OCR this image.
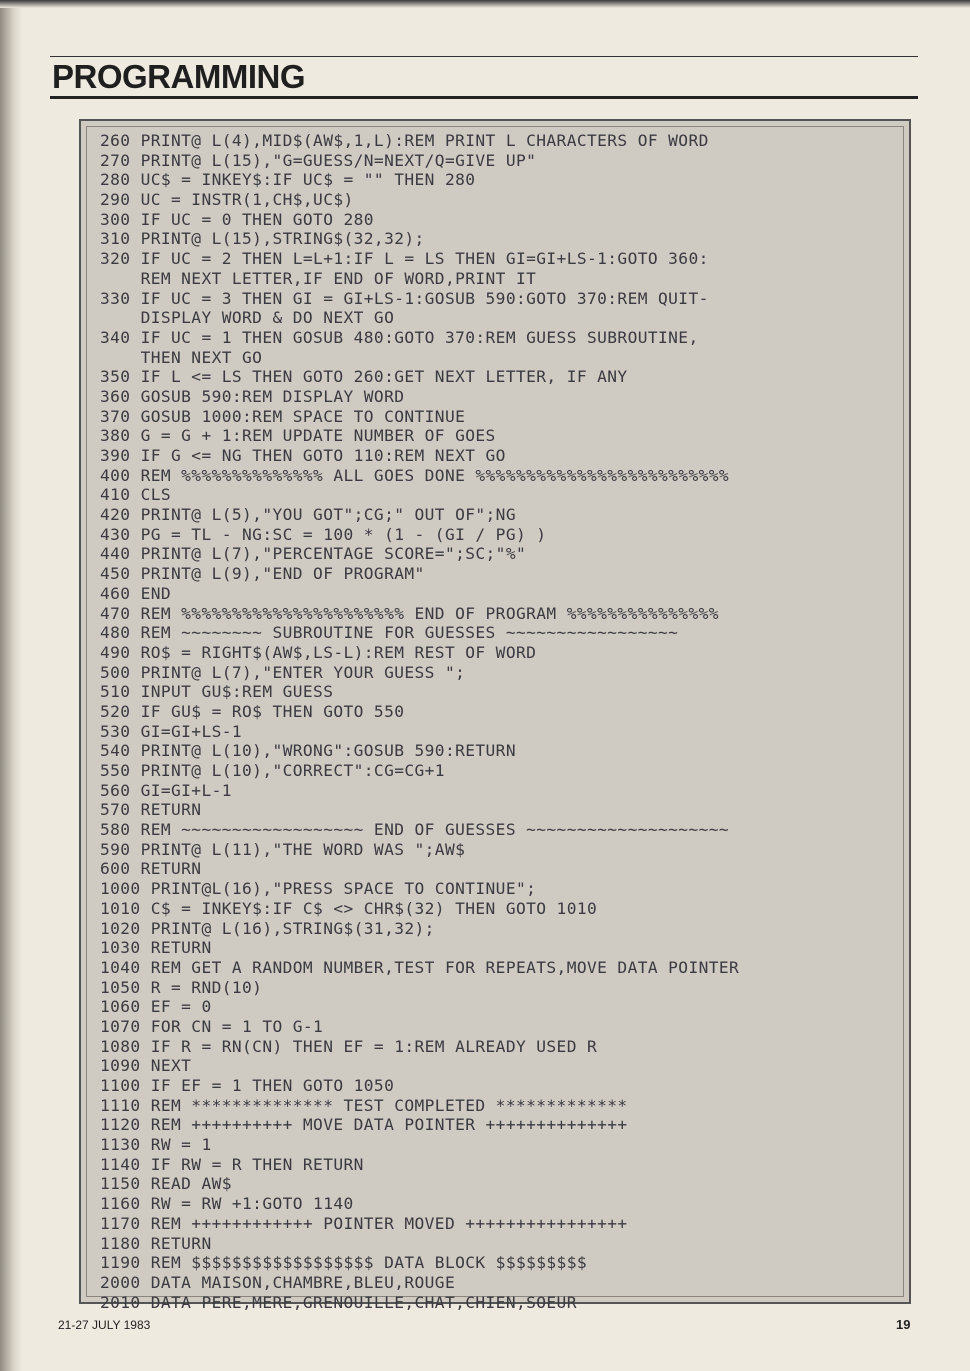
PROGRAMMING
260 PRINT@ L(4),MID$(AW$,1,L):REM PRINT L CHARACTERS OF WORD
270 PRINT@ L(15),"G=GUESS/N=NEXT/Q=GIVE UP"
280 UC$ = INKEY$:IF UC$ = "" THEN 280
290 UC = INSTR(1,CH$,UC$)
300 IF UC = 0 THEN GOTO 280
310 PRINT@ L(15),STRING$(32,32);
320 IF UC = 2 THEN L=L+1:IF L = LS THEN GI=GI+LS-1:GOTO 360:
REM NEXT LETTER,IF END OF WORD,PRINT IT
330 IF UC = 3 THEN GI = GI+LS-1:GOSUB 590:GOTO 370:REM QUIT-
DISPLAY WORD & DO NEXT GO
340 IF UC = 1 THEN GOSUB 480:GOTO 370:REM GUESS SUBROUTINE,
THEN NEXT GO
350 IF L <= LS THEN GOTO 260:GET NEXT LETTER, IF ANY
360 GOSUB 590:REM DISPLAY WORD
370 GOSUB 1000:REM SPACE TO CONTINUE
380 G = G + 1:REM UPDATE NUMBER OF GOES
390 IF G <= NG THEN GOTO 110:REM NEXT GO
400 REM %%%%%%%%%%%%%% ALL GOES DONE %%%%%%%%%%%%%%%%%%%%%%%%%
410 CLS
420 PRINT@ L(5),"YOU GOT";CG;" OUT OF";NG
430 PG = TL - NG:SC = 100 * (1 - (GI / PG) )
440 PRINT@ L(7),"PERCENTAGE SCORE=";SC;"%"
450 PRINT@ L(9),"END OF PROGRAM"
460 END
470 REM %%%%%%%%%%%%%%%%%%%%%% END OF PROGRAM %%%%%%%%%%%%%%%
480 REM ~~~~~~~~ SUBROUTINE FOR GUESSES ~~~~~~~~~~~~~~~~~
490 RO$ = RIGHT$(AW$,LS-L):REM REST OF WORD
500 PRINT@ L(7),"ENTER YOUR GUESS ";
510 INPUT GU$:REM GUESS
520 IF GU$ = RO$ THEN GOTO 550
530 GI=GI+LS-1
540 PRINT@ L(10),"WRONG":GOSUB 590:RETURN
550 PRINT@ L(10),"CORRECT":CG=CG+1
560 GI=GI+L-1
570 RETURN
580 REM ~~~~~~~~~~~~~~~~~~ END OF GUESSES ~~~~~~~~~~~~~~~~~~~~
590 PRINT@ L(11),"THE WORD WAS ";AW$
600 RETURN
1000 PRINT@L(16),"PRESS SPACE TO CONTINUE";
1010 C$ = INKEY$:IF C$ <> CHR$(32) THEN GOTO 1010
1020 PRINT@ L(16),STRING$(31,32);
1030 RETURN
1040 REM GET A RANDOM NUMBER,TEST FOR REPEATS,MOVE DATA POINTER
1050 R = RND(10)
1060 EF = 0
1070 FOR CN = 1 TO G-1
1080 IF R = RN(CN) THEN EF = 1:REM ALREADY USED R
1090 NEXT
1100 IF EF = 1 THEN GOTO 1050
1110 REM ************** TEST COMPLETED *************
1120 REM ++++++++++ MOVE DATA POINTER ++++++++++++++
1130 RW = 1
1140 IF RW = R THEN RETURN
1150 READ AW$
1160 RW = RW +1:GOTO 1140
1170 REM ++++++++++++ POINTER MOVED ++++++++++++++++
1180 RETURN
1190 REM $$$$$$$$$$$$$$$$$$ DATA BLOCK $$$$$$$$$
2000 DATA MAISON,CHAMBRE,BLEU,ROUGE
2010 DATA PERE,MERE,GRENOUILLE,CHAT,CHIEN,SOEUR
21-27 JULY 1983	19
